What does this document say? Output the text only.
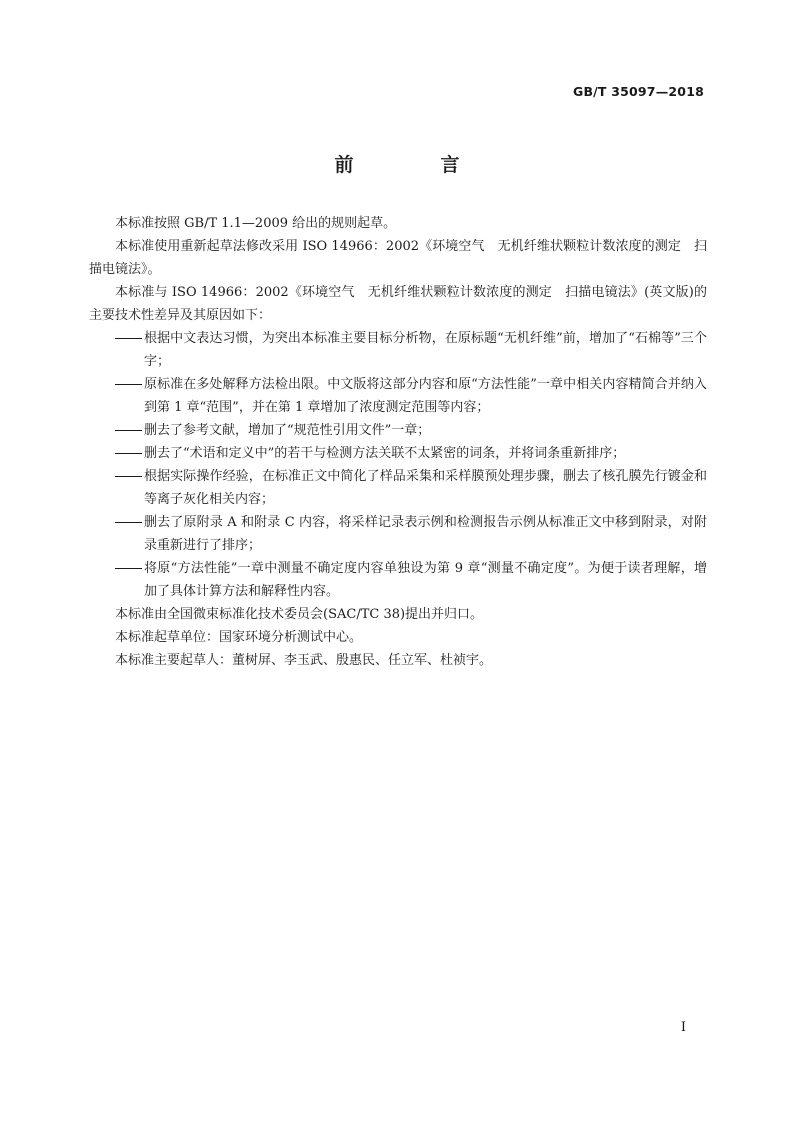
GB/T 35097—2018
前　言

本标准按照 GB/T 1.1—2009 给出的规则起草。

本标准使用重新起草法修改采用 ISO 14966：2002《环境空气　无机纤维状颗粒计数浓度的测定　扫描电镜法》。

本标准与 ISO 14966：2002《环境空气　无机纤维状颗粒计数浓度的测定　扫描电镜法》(英文版)的主要技术性差异及其原因如下：

根据中文表达习惯，为突出本标准主要目标分析物，在原标题“无机纤维”前，增加了“石棉等”三个字；
原标准在多处解释方法检出限。中文版将这部分内容和原“方法性能”一章中相关内容精简合并纳入到第 1 章“范围”，并在第 1 章增加了浓度测定范围等内容；
删去了参考文献，增加了“规范性引用文件”一章；
删去了“术语和定义中”的若干与检测方法关联不太紧密的词条，并将词条重新排序；
根据实际操作经验，在标准正文中简化了样品采集和采样膜预处理步骤，删去了核孔膜先行镀金和等离子灰化相关内容；
删去了原附录 A 和附录 C 内容，将采样记录表示例和检测报告示例从标准正文中移到附录，对附录重新进行了排序；
将原“方法性能”一章中测量不确定度内容单独设为第 9 章“测量不确定度”。为便于读者理解，增加了具体计算方法和解释性内容。

本标准由全国微束标准化技术委员会(SAC/TC 38)提出并归口。

本标准起草单位：国家环境分析测试中心。

本标准主要起草人：董树屏、李玉武、殷惠民、任立军、杜祯宇。

I
